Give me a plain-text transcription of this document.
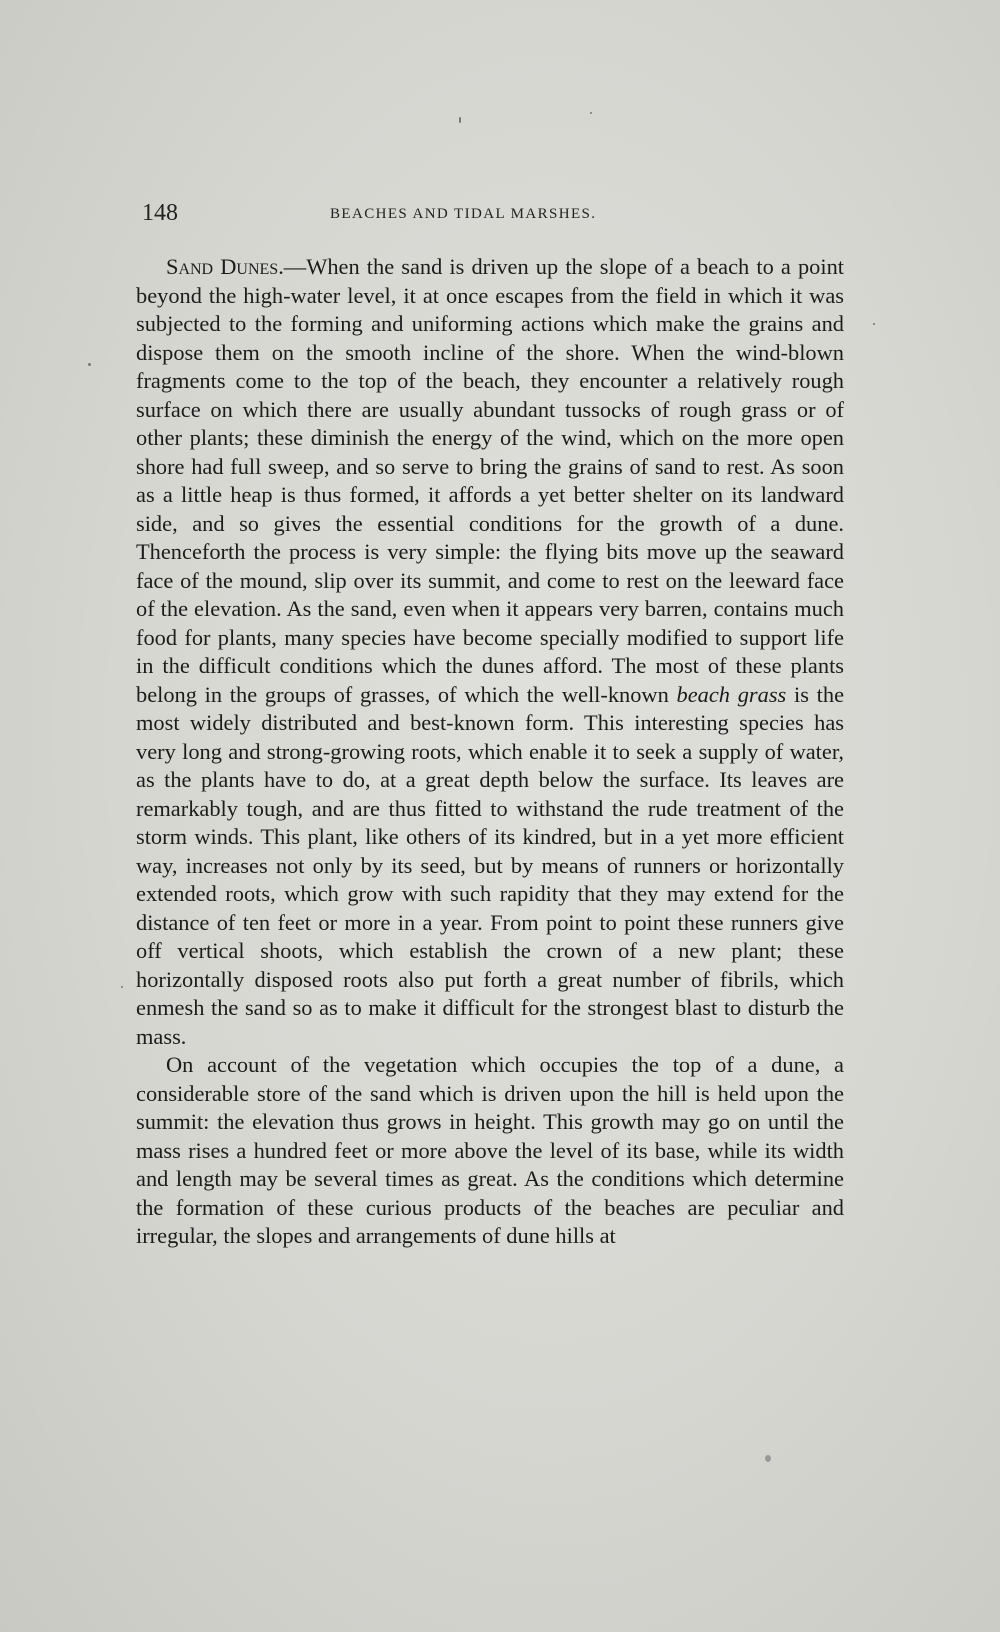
148	BEACHES AND TIDAL MARSHES.

Sand Dunes.—When the sand is driven up the slope of a beach to a point beyond the high-water level, it at once escapes from the field in which it was subjected to the forming and uniforming actions which make the grains and dispose them on the smooth incline of the shore. When the wind-blown fragments come to the top of the beach, they encounter a relatively rough surface on which there are usually abundant tussocks of rough grass or of other plants; these diminish the energy of the wind, which on the more open shore had full sweep, and so serve to bring the grains of sand to rest. As soon as a little heap is thus formed, it affords a yet better shelter on its landward side, and so gives the essential conditions for the growth of a dune. Thenceforth the process is very simple: the flying bits move up the seaward face of the mound, slip over its summit, and come to rest on the leeward face of the elevation. As the sand, even when it appears very barren, contains much food for plants, many species have become specially modified to support life in the difficult conditions which the dunes afford. The most of these plants belong in the groups of grasses, of which the well-known beach grass is the most widely distributed and best-known form. This interesting species has very long and strong-growing roots, which enable it to seek a supply of water, as the plants have to do, at a great depth below the surface. Its leaves are remarkably tough, and are thus fitted to withstand the rude treatment of the storm winds. This plant, like others of its kindred, but in a yet more efficient way, increases not only by its seed, but by means of runners or horizontally extended roots, which grow with such rapidity that they may extend for the distance of ten feet or more in a year. From point to point these runners give off vertical shoots, which establish the crown of a new plant; these horizontally disposed roots also put forth a great number of fibrils, which enmesh the sand so as to make it difficult for the strongest blast to disturb the mass.

On account of the vegetation which occupies the top of a dune, a considerable store of the sand which is driven upon the hill is held upon the summit: the elevation thus grows in height. This growth may go on until the mass rises a hundred feet or more above the level of its base, while its width and length may be several times as great. As the conditions which determine the formation of these curious products of the beaches are peculiar and irregular, the slopes and arrangements of dune hills at
